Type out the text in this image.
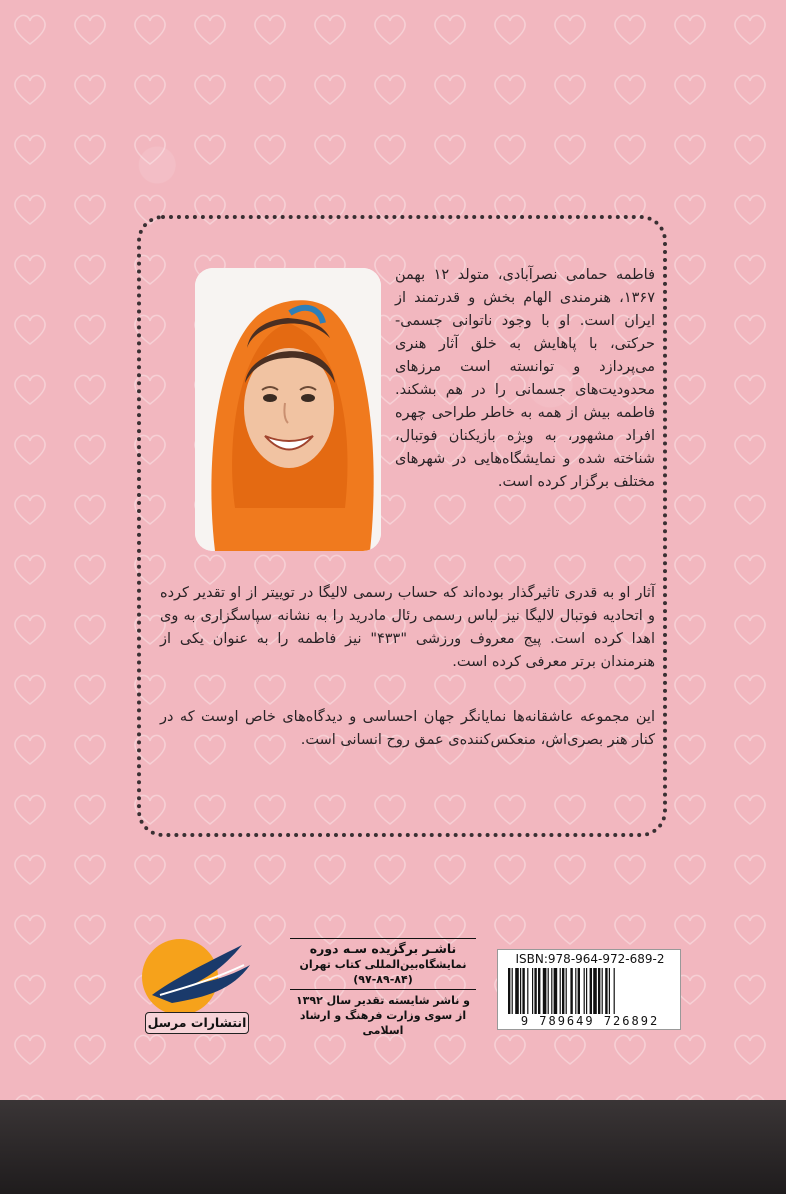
فاطمه حمامی نصرآبادی، متولد ۱۲ بهمن ۱۳۶۷، هنرمندی الهام بخش و قدرتمند از ایران است. او با وجود ناتوانی جسمی-حرکتی، با پاهایش به خلق آثار هنری می‌پردازد و توانسته است مرزهای محدودیت‌های جسمانی را در هم بشکند. فاطمه بیش از همه به خاطر طراحی چهره افراد مشهور، به ویژه بازیکنان فوتبال، شناخته شده و نمایشگاه‌هایی در شهرهای مختلف برگزار کرده است.
آثار او به قدری تاثیرگذار بوده‌اند که حساب رسمی لالیگا در توییتر از او تقدیر کرده و اتحادیه فوتبال لالیگا نیز لباس رسمی رئال مادرید را به نشانه سپاسگزاری به وی اهدا کرده است. پیج معروف ورزشی "۴۳۳" نیز فاطمه را به عنوان یکی از هنرمندان برتر معرفی کرده است.
این مجموعه عاشقانه‌ها نمایانگر جهان احساسی و دیدگاه‌های خاص اوست که در کنار هنر بصری‌اش، منعکس‌کننده‌ی عمق روح انسانی است.
انتشارات مرسل
ناشـر برگزیده سـه دوره
نمایشگاه‌بین‌المللی کتاب تهران
(۹۷-۸۹-۸۴)
و ناشر شایسته تقدیر سال ۱۳۹۲
از سوی وزارت فرهنگ و ارشاد اسلامی
ISBN:978-964-972-689-2
9 789649 726892
